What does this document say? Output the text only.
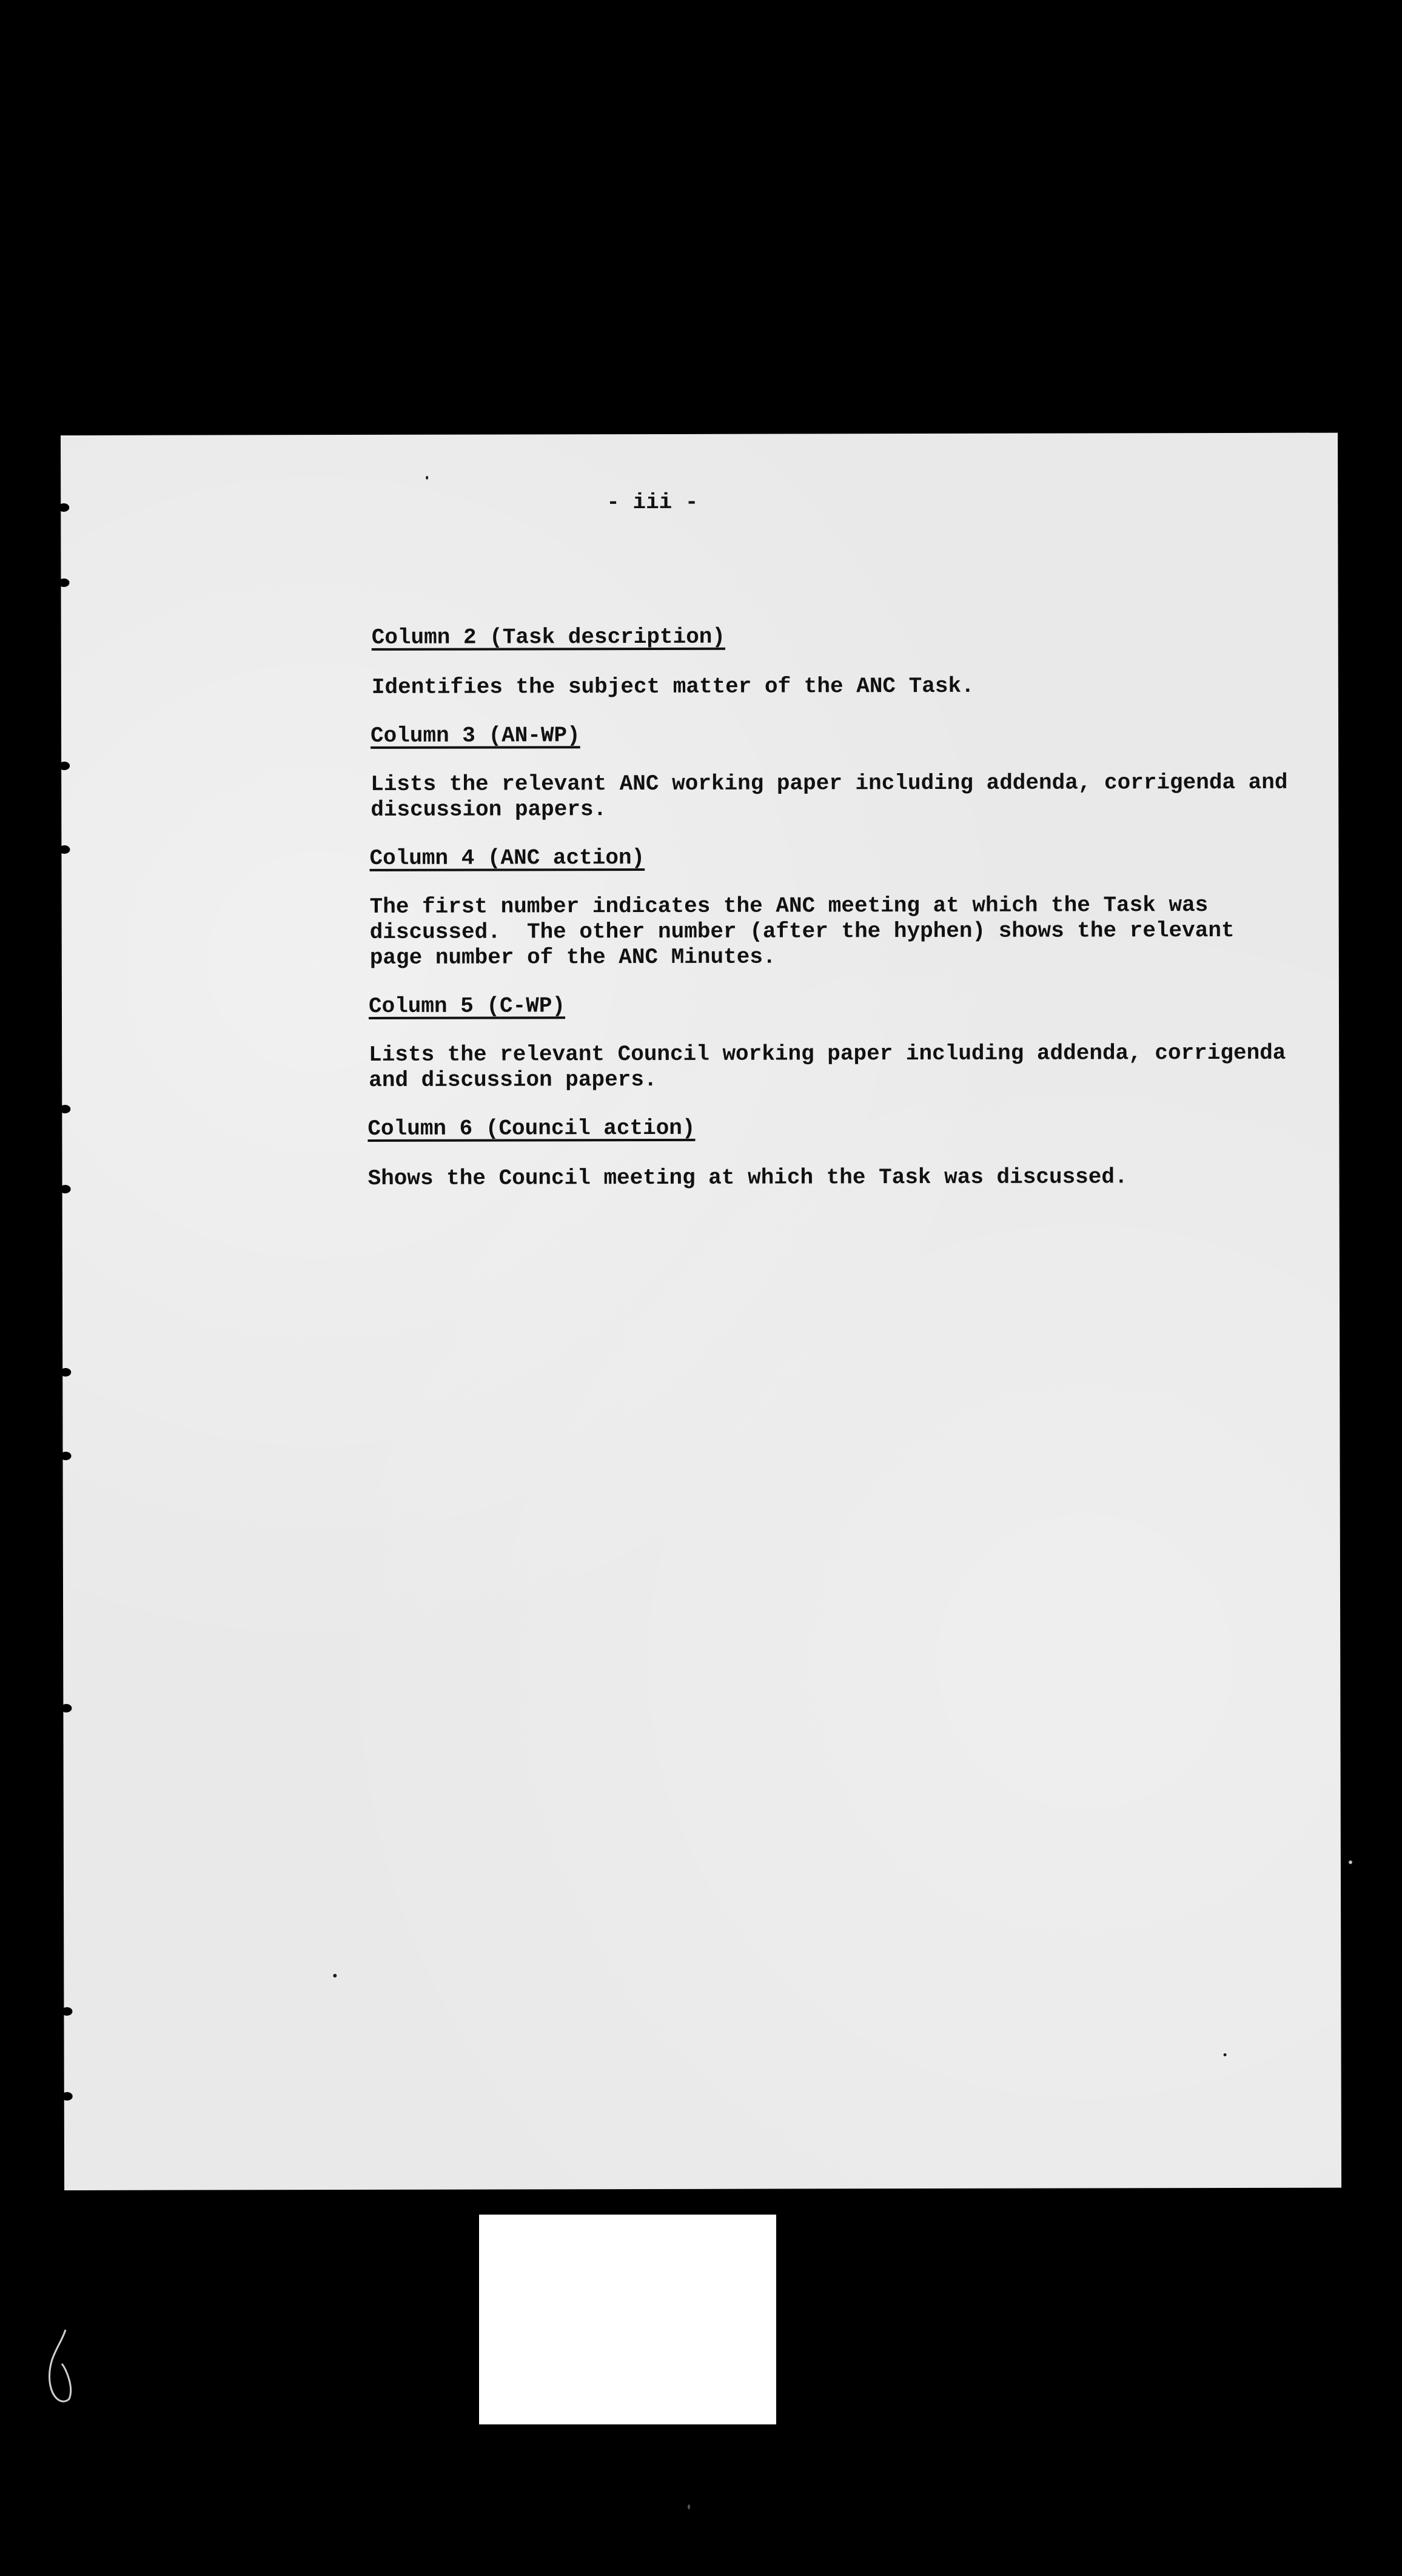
- iii -
Column 2 (Task description)
Identifies the subject matter of the ANC Task.
Column 3 (AN-WP)
Lists the relevant ANC working paper including addenda, corrigenda and
discussion papers.
Column 4 (ANC action)
The first number indicates the ANC meeting at which the Task was
discussed.  The other number (after the hyphen) shows the relevant
page number of the ANC Minutes.
Column 5 (C-WP)
Lists the relevant Council working paper including addenda, corrigenda
and discussion papers.
Column 6 (Council action)
Shows the Council meeting at which the Task was discussed.
